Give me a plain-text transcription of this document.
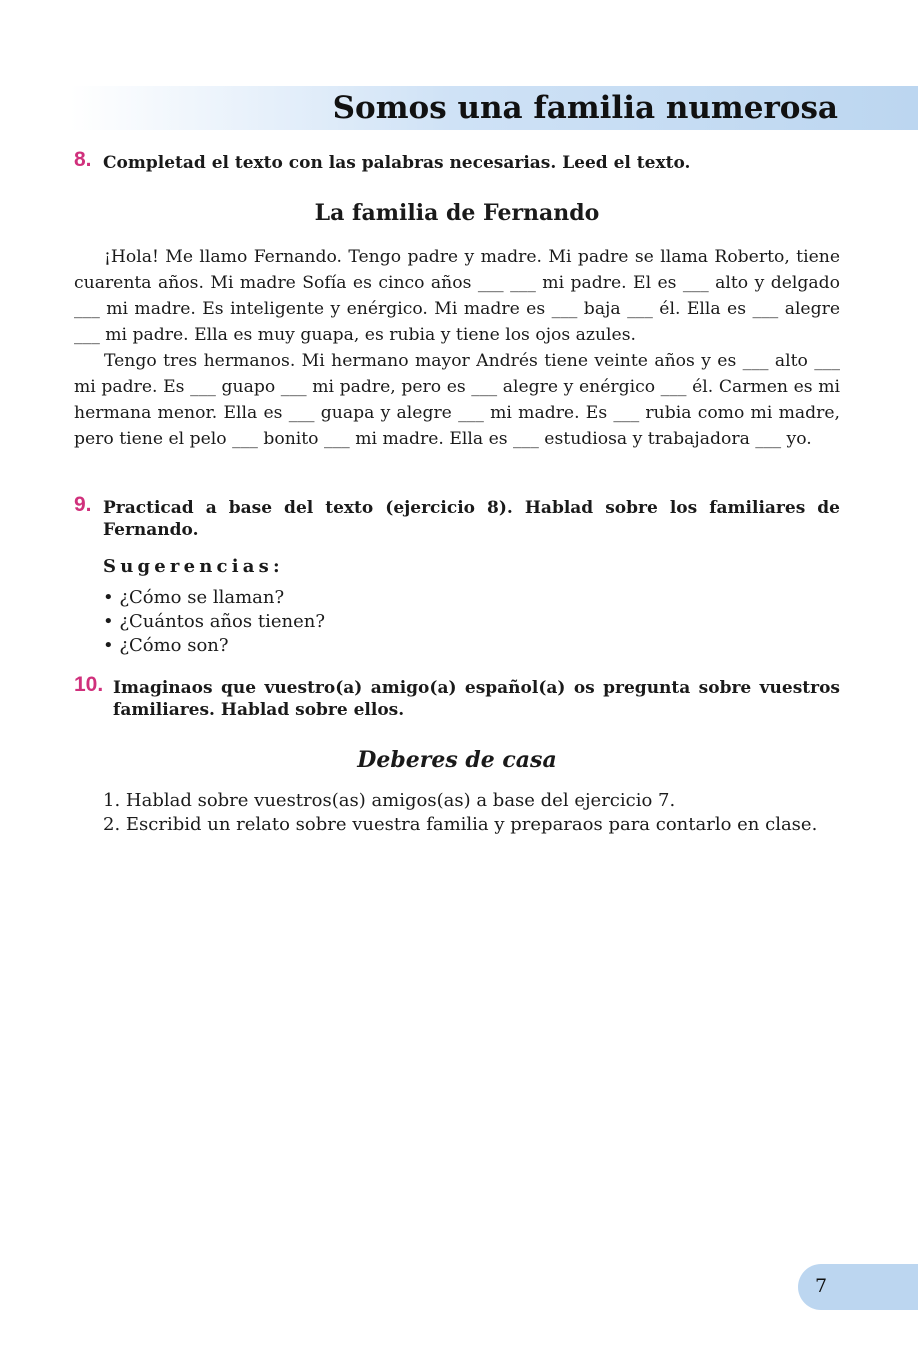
Somos una familia numerosa
8. Completad el texto con las palabras necesarias. Leed el texto.
La familia de Fernando

¡Hola! Me llamo Fernando. Tengo padre y madre. Mi padre se llama Roberto, tiene cuarenta años. Mi madre Sofía es cinco años ___ ___ mi padre. El es ___ alto y delgado ___ mi madre. Es inteligente y enérgico. Mi madre es ___ baja ___ él. Ella es ___ alegre ___ mi padre. Ella es muy guapa, es rubia y tiene los ojos azules.

Tengo tres hermanos. Mi hermano mayor Andrés tiene veinte años y es ___ alto ___ mi padre. Es ___ guapo ___ mi padre, pero es ___ alegre y enérgico ___ él. Carmen es mi hermana menor. Ella es ___ guapa y alegre ___ mi madre. Es ___ rubia como mi madre, pero tiene el pelo ___ bonito ___ mi madre. Ella es ___ estudiosa y trabajadora ___ yo.

9. Practicad a base del texto (ejercicio 8). Hablad sobre los familiares de Fernando.
Sugerencias:
• ¿Cómo se llaman?
• ¿Cuántos años tienen?
• ¿Cómo son?
10. Imaginaos que vuestro(a) amigo(a) español(a) os pregunta sobre vuestros familiares. Hablad sobre ellos.
Deberes de casa
1. Hablad sobre vuestros(as) amigos(as) a base del ejercicio 7.
2. Escribid un relato sobre vuestra familia y preparaos para contarlo en clase.
7
